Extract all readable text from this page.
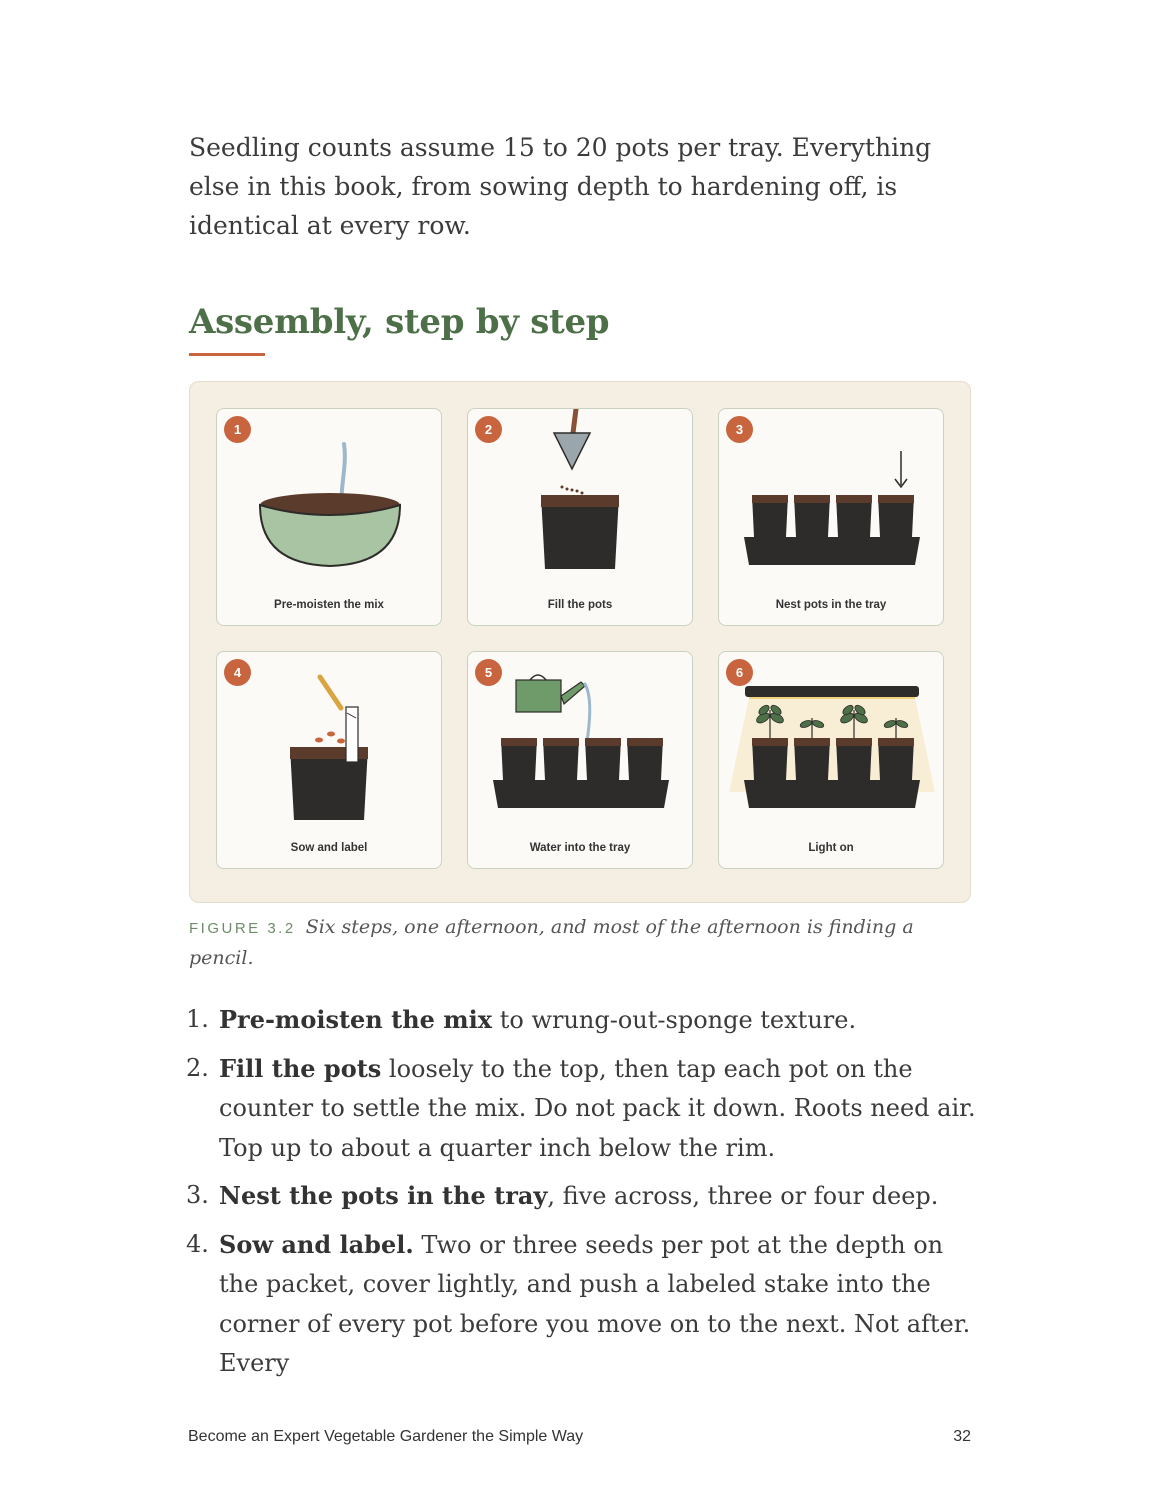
Seedling counts assume 15 to 20 pots per tray. Everything else in this book, from sowing depth to hardening off, is identical at every row.

Assembly, step by step
1
Pre-moisten the mix
2
Fill the pots
3
Nest pots in the tray
4
Sow and label
5
Water into the tray
6
Light on

FIGURE 3.2 Six steps, one afternoon, and most of the afternoon is finding a pencil.

1. Pre-moisten the mix to wrung-out-sponge texture.
2. Fill the pots loosely to the top, then tap each pot on the counter to settle the mix. Do not pack it down. Roots need air. Top up to about a quarter inch below the rim.
3. Nest the pots in the tray, five across, three or four deep.
4. Sow and label. Two or three seeds per pot at the depth on the packet, cover lightly, and push a labeled stake into the corner of every pot before you move on to the next. Not after. Every
Become an Expert Vegetable Gardener the Simple Way	32
